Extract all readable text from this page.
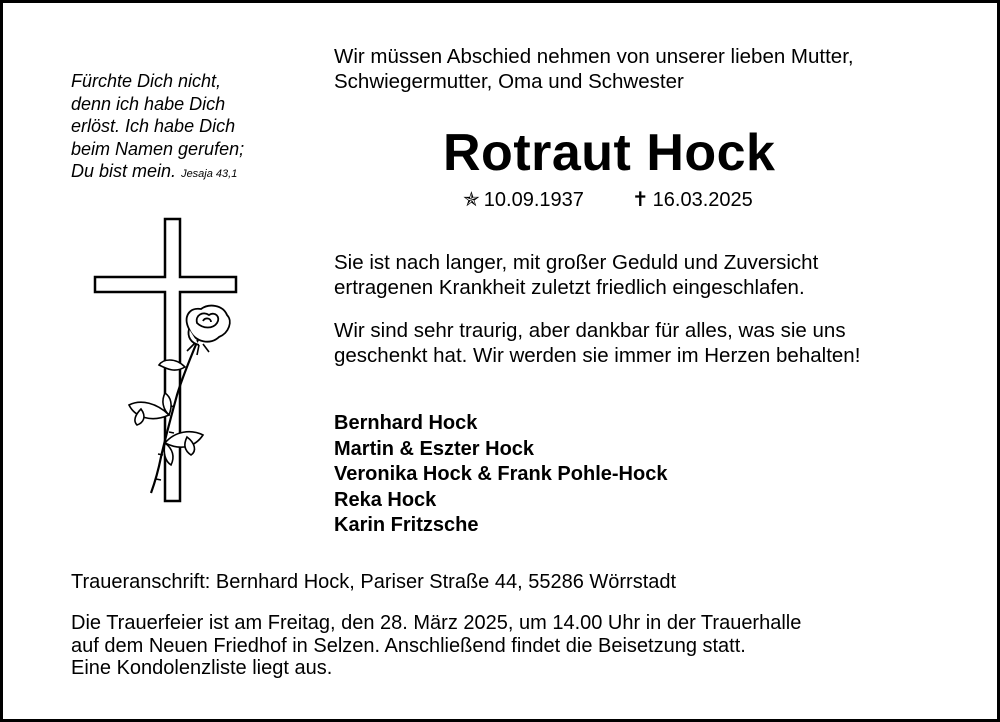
Fürchte Dich nicht,
denn ich habe Dich
erlöst. Ich habe Dich
beim Namen gerufen;
Du bist mein. Jesaja 43,1
Wir müssen Abschied nehmen von unserer lieben Mutter,
Schwiegermutter, Oma und Schwester
Rotraut Hock
✯ 10.09.1937 ✝ 16.03.2025
Sie ist nach langer, mit großer Geduld und Zuversicht
ertragenen Krankheit zuletzt friedlich eingeschlafen.
Wir sind sehr traurig, aber dankbar für alles, was sie uns
geschenkt hat. Wir werden sie immer im Herzen behalten!
Bernhard Hock
Martin & Eszter Hock
Veronika Hock & Frank Pohle-Hock
Reka Hock
Karin Fritzsche
Traueranschrift: Bernhard Hock, Pariser Straße 44, 55286 Wörrstadt
Die Trauerfeier ist am Freitag, den 28. März 2025, um 14.00 Uhr in der Trauerhalle
auf dem Neuen Friedhof in Selzen. Anschließend findet die Beisetzung statt.
Eine Kondolenzliste liegt aus.
